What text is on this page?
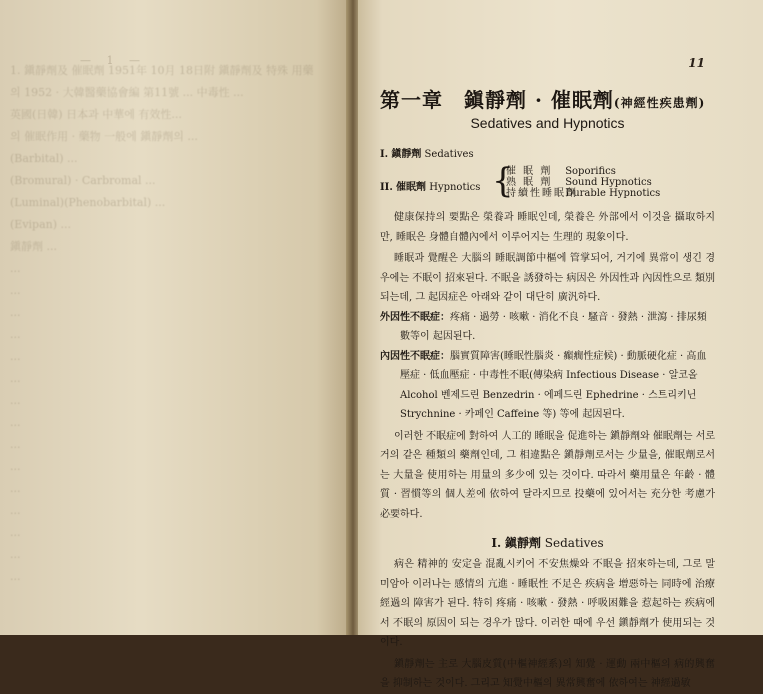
— 1 —

1. 鎭靜劑及 催眠劑 1951年 10月 18日附 鎭靜劑及 特殊 用藥

의 1952 · 大韓醫藥協會編 第11號 ... 中毒性 ...

英國(日韓) 日本과 中華에 有效性...

의 催眠作用 · 藥物 一般에 鎭靜劑의 ...

(Barbital) ...

(Bromural) · Carbromal ...

(Luminal)(Phenobarbital) ...

(Evipan) ...

鎭靜劑 ...

...

...

...

...

...

...

...

...

...

...

...

...

...

...

...

11
第一章　鎭靜劑 · 催眠劑(神經性疾患劑)
Sedatives and Hypnotics

I. 鎭靜劑 Sedatives

II. 催眠劑 Hypnotics {
催 眠 劑 Soporifics
熟 眠 劑 Sound Hypnotics
持續性睡眠劑 Durable Hypnotics

健康保持의 要點은 榮養과 睡眠인데, 榮養은 外部에서 이것을 攝取하지만, 睡眠은 身體自體內에서 이루어지는 生理的 現象이다.

睡眠과 覺醒은 大腦의 睡眠調節中樞에 管掌되어, 거기에 異常이 생긴 경우에는 不眠이 招來된다. 不眠을 誘發하는 病因은 外因性과 內因性으로 類別되는데, 그 起因症은 아래와 같이 대단히 廣汎하다.

外因性不眠症：疼痛 · 過勞 · 咳嗽 · 消化不良 · 騷音 · 發熱 · 泄瀉 · 排尿頻數等이 起因된다.

內因性不眠症：腦實質障害(睡眠性腦炎 · 癲癇性症候) · 動脈硬化症 · 高血壓症 · 低血壓症 · 中毒性不眠(傳染病 Infectious Disease · 알코올 Alcohol 벤제드린 Benzedrin · 에페드린 Ephedrine · 스트리키닌 Strychnine · 카페인 Caffeine 等) 等에 起因된다.

이러한 不眠症에 對하여 人工的 睡眠을 促進하는 鎭靜劑와 催眠劑는 서로 거의 같은 種類의 藥劑인데, 그 相違點은 鎭靜劑로서는 少量을, 催眠劑로서는 大量을 使用하는 用量의 多少에 있는 것이다. 따라서 藥用量은 年齡 · 體質 · 習慣等의 個人差에 依하여 달라지므로 投藥에 있어서는 充分한 考慮가 必要하다.

I. 鎭靜劑 Sedatives

病은 精神的 安定을 混亂시키어 不安焦燥와 不眠을 招來하는데, 그로 말미암아 이러나는 感情의 亢進 · 睡眠性 不足은 疾病을 增惡하는 同時에 治療經過의 障害가 된다. 特히 疼痛 · 咳嗽 · 發熱 · 呼吸困難을 惹起하는 疾病에서 不眠의 原因이 되는 경우가 많다. 이러한 때에 우선 鎭靜劑가 使用되는 것이다.

鎭靜劑는 主로 大腦皮質(中樞神經系)의 知覺 · 運動 兩中樞의 病的興奮을 抑制하는 것이다. 그리고 知覺中樞의 異常興奮에 依하여는 神經過敏
